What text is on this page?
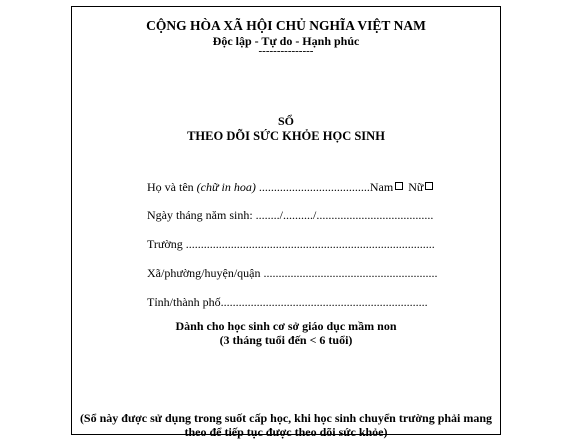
CỘNG HÒA XÃ HỘI CHỦ NGHĨA VIỆT NAM
Độc lập - Tự do - Hạnh phúc
---------------
SỔ
THEO DÕI SỨC KHỎE HỌC SINH
Họ và tên (chữ in hoa) .....................................Nam Nữ
Ngày tháng năm sinh: ......../........../.......................................
Trường ...................................................................................
Xã/phường/huyện/quận ..........................................................
Tỉnh/thành phố.....................................................................
Dành cho học sinh cơ sở giáo dục mầm non
(3 tháng tuổi đến < 6 tuổi)
(Sổ này được sử dụng trong suốt cấp học, khi học sinh chuyển trường phải mang
theo để tiếp tục được theo dõi sức khỏe)
